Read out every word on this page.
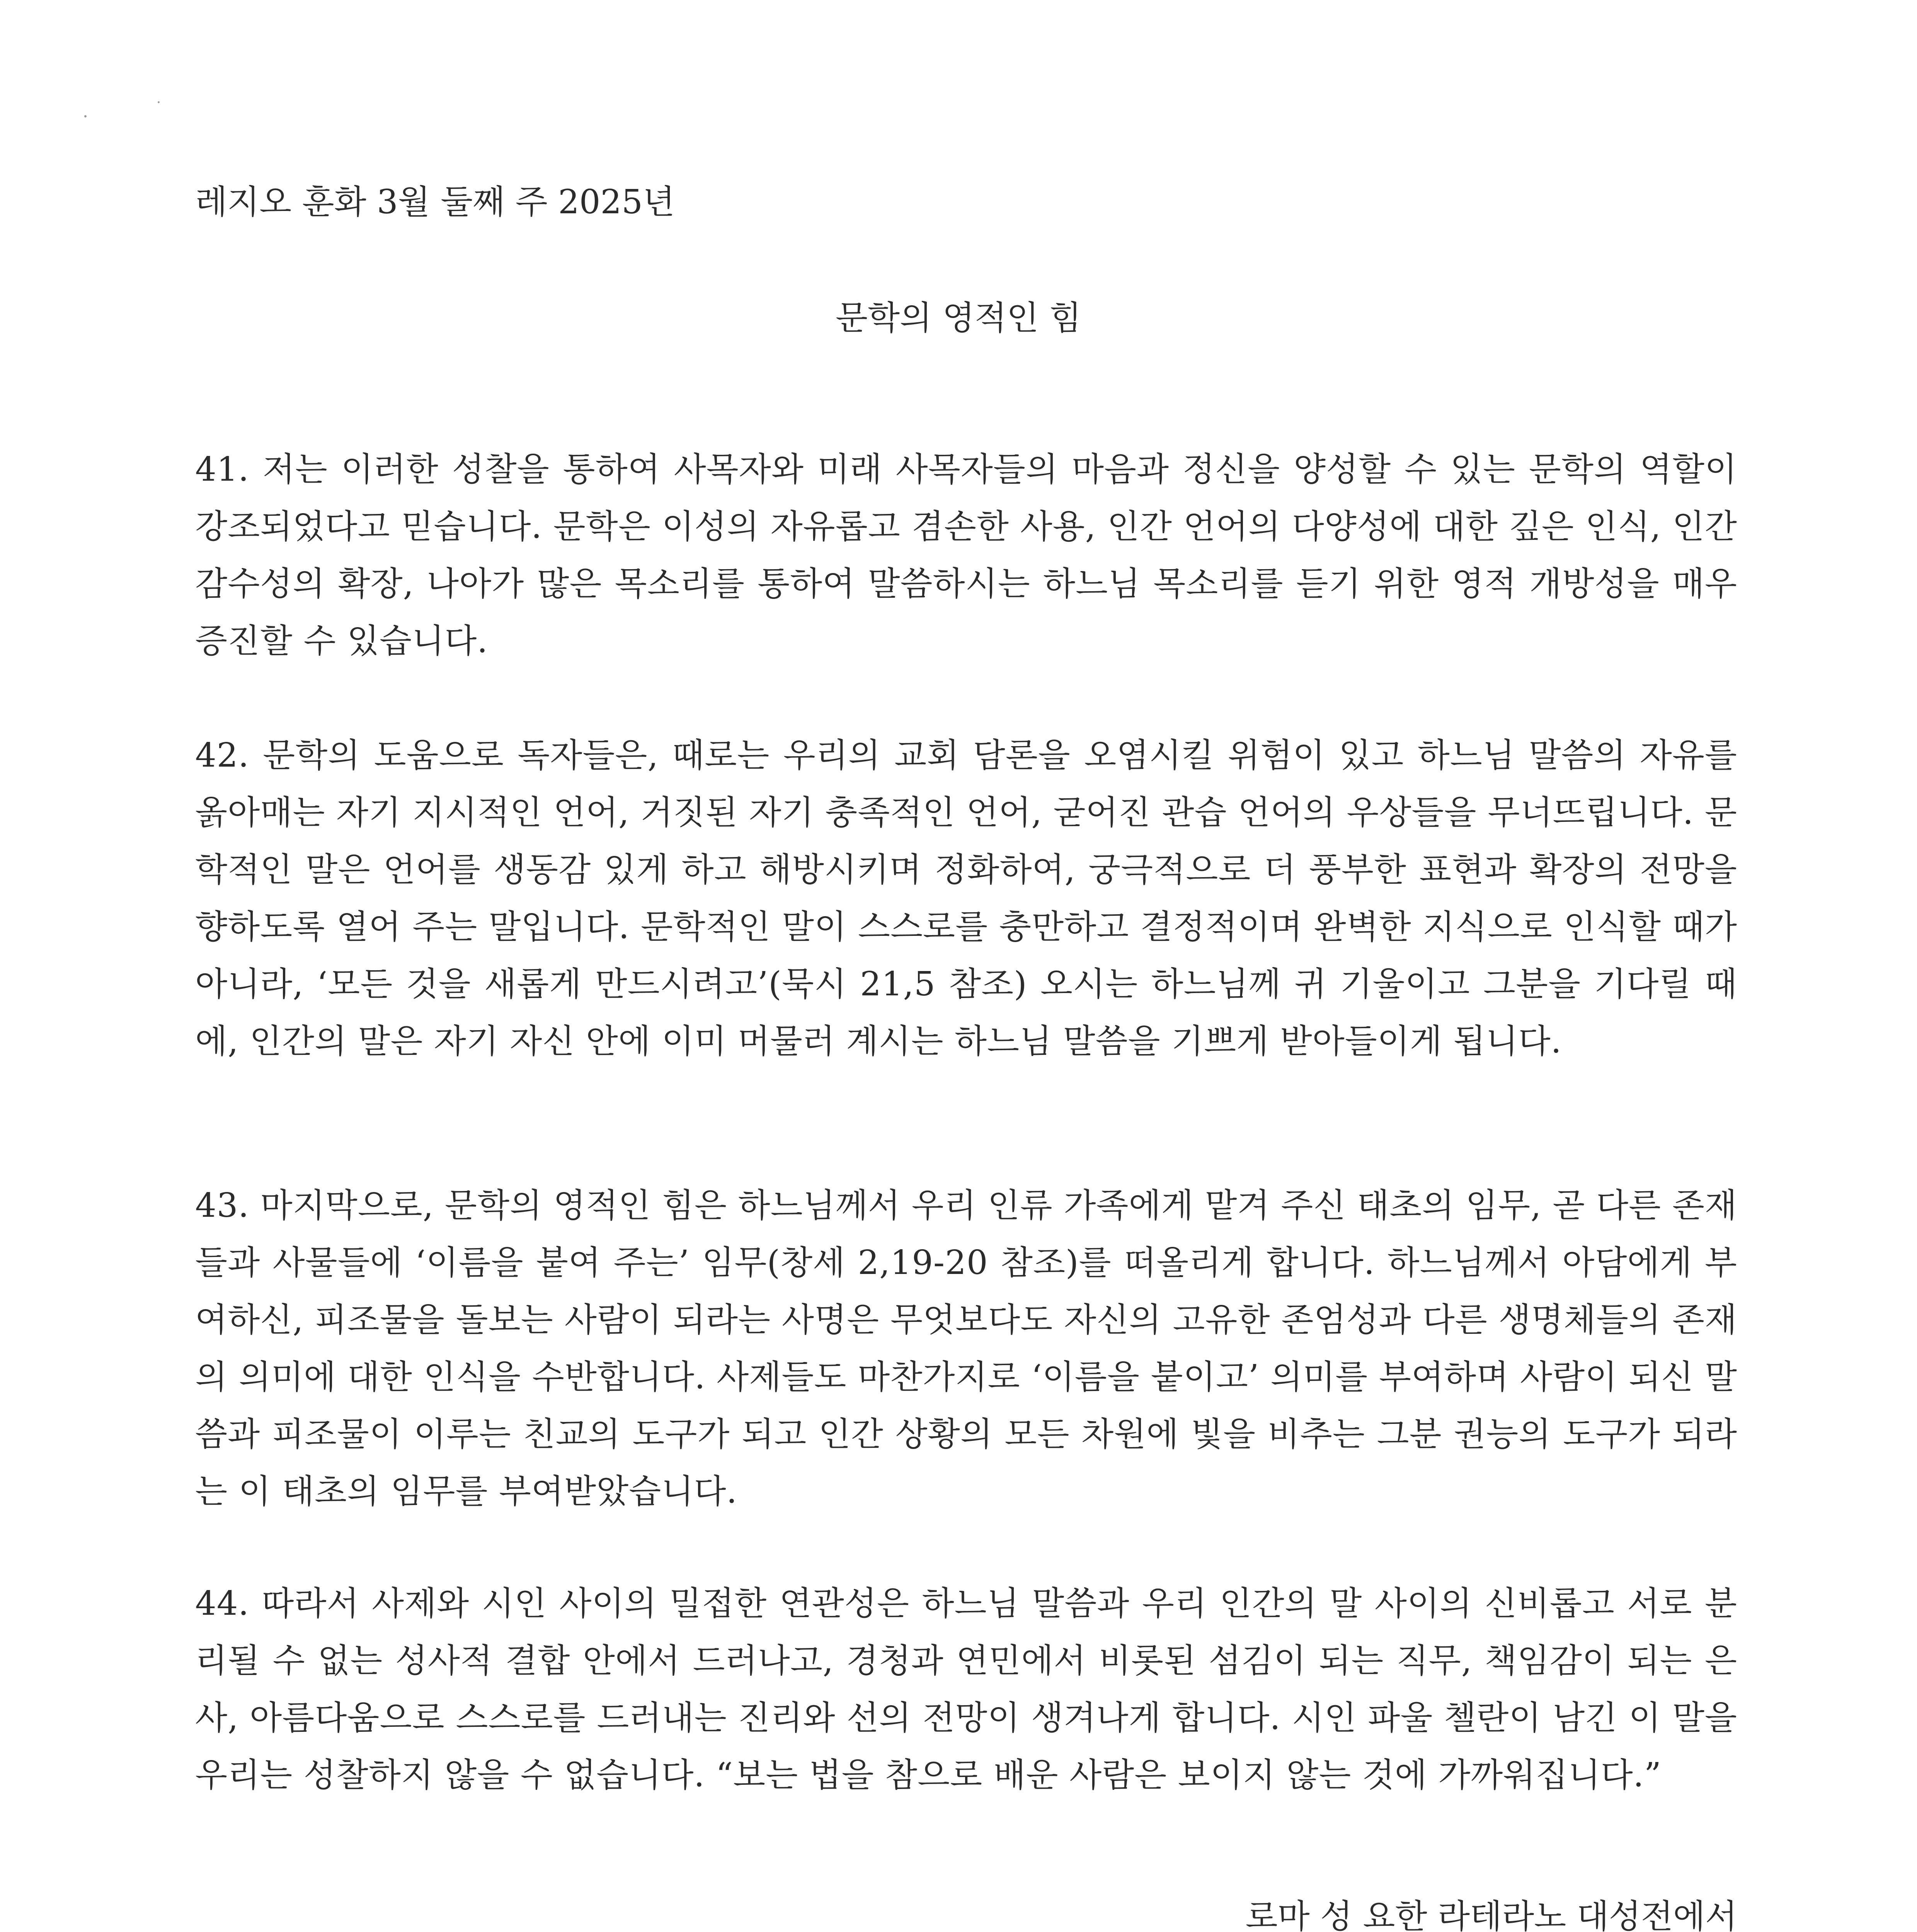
레지오 훈화 3월 둘째 주 2025년
문학의 영적인 힘

41. 저는 이러한 성찰을 통하여 사목자와 미래 사목자들의 마음과 정신을 양성할 수 있는 문학의 역할이 강조되었다고 믿습니다. 문학은 이성의 자유롭고 겸손한 사용, 인간 언어의 다양성에 대한 깊은 인식, 인간 감수성의 확장, 나아가 많은 목소리를 통하여 말씀하시는 하느님 목소리를 듣기 위한 영적 개방성을 매우 증진할 수 있습니다.

42. 문학의 도움으로 독자들은, 때로는 우리의 교회 담론을 오염시킬 위험이 있고 하느님 말씀의 자유를 옭아매는 자기 지시적인 언어, 거짓된 자기 충족적인 언어, 굳어진 관습 언어의 우상들을 무너뜨립니다. 문학적인 말은 언어를 생동감 있게 하고 해방시키며 정화하여, 궁극적으로 더 풍부한 표현과 확장의 전망을 향하도록 열어 주는 말입니다. 문학적인 말이 스스로를 충만하고 결정적이며 완벽한 지식으로 인식할 때가 아니라, ‘모든 것을 새롭게 만드시려고’(묵시 21,5 참조) 오시는 하느님께 귀 기울이고 그분을 기다릴 때에, 인간의 말은 자기 자신 안에 이미 머물러 계시는 하느님 말씀을 기쁘게 받아들이게 됩니다.

43. 마지막으로, 문학의 영적인 힘은 하느님께서 우리 인류 가족에게 맡겨 주신 태초의 임무, 곧 다른 존재들과 사물들에 ‘이름을 붙여 주는’ 임무(창세 2,19-20 참조)를 떠올리게 합니다. 하느님께서 아담에게 부여하신, 피조물을 돌보는 사람이 되라는 사명은 무엇보다도 자신의 고유한 존엄성과 다른 생명체들의 존재의 의미에 대한 인식을 수반합니다. 사제들도 마찬가지로 ‘이름을 붙이고’ 의미를 부여하며 사람이 되신 말씀과 피조물이 이루는 친교의 도구가 되고 인간 상황의 모든 차원에 빛을 비추는 그분 권능의 도구가 되라는 이 태초의 임무를 부여받았습니다.

44. 따라서 사제와 시인 사이의 밀접한 연관성은 하느님 말씀과 우리 인간의 말 사이의 신비롭고 서로 분리될 수 없는 성사적 결합 안에서 드러나고, 경청과 연민에서 비롯된 섬김이 되는 직무, 책임감이 되는 은사, 아름다움으로 스스로를 드러내는 진리와 선의 전망이 생겨나게 합니다. 시인 파울 첼란이 남긴 이 말을 우리는 성찰하지 않을 수 없습니다. “보는 법을 참으로 배운 사람은 보이지 않는 것에 가까워집니다.”

로마 성 요한 라테라노 대성전에서
